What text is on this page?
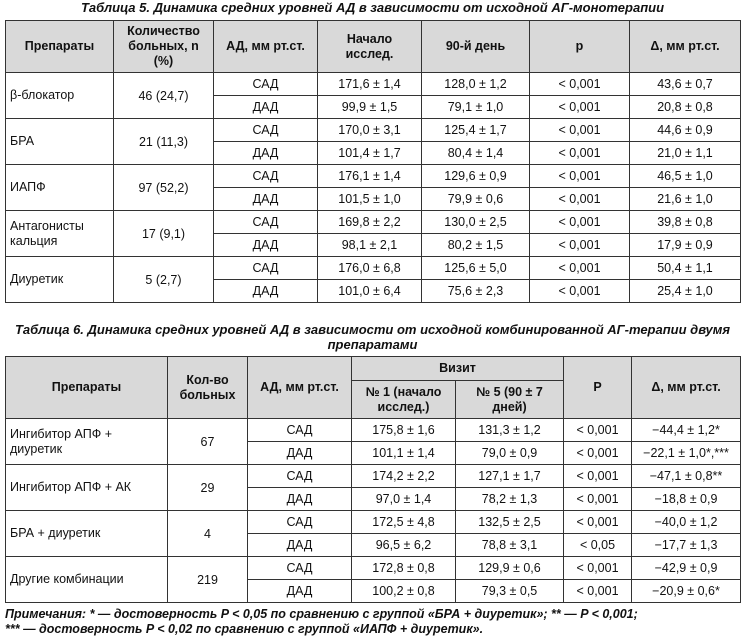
Таблица 5. Динамика средних уровней АД в зависимости от исходной АГ-монотерапии
Препараты	Количество больных, n (%)	АД, мм рт.ст.	Начало исслед.	90-й день	p	Δ, мм рт.ст.
β-блокатор	46 (24,7)	САД	171,6 ± 1,4	128,0 ± 1,2	< 0,001	43,6 ± 0,7
		ДАД	99,9 ± 1,5	79,1 ± 1,0	< 0,001	20,8 ± 0,8
БРА	21 (11,3)	САД	170,0 ± 3,1	125,4 ± 1,7	< 0,001	44,6 ± 0,9
		ДАД	101,4 ± 1,7	80,4 ± 1,4	< 0,001	21,0 ± 1,1
ИАПФ	97 (52,2)	САД	176,1 ± 1,4	129,6 ± 0,9	< 0,001	46,5 ± 1,0
		ДАД	101,5 ± 1,0	79,9 ± 0,6	< 0,001	21,6 ± 1,0
Антагонисты кальция	17 (9,1)	САД	169,8 ± 2,2	130,0 ± 2,5	< 0,001	39,8 ± 0,8
		ДАД	98,1 ± 2,1	80,2 ± 1,5	< 0,001	17,9 ± 0,9
Диуретик	5 (2,7)	САД	176,0 ± 6,8	125,6 ± 5,0	< 0,001	50,4 ± 1,1
		ДАД	101,0 ± 6,4	75,6 ± 2,3	< 0,001	25,4 ± 1,0
Таблица 6. Динамика средних уровней АД в зависимости от исходной комбинированной АГ-терапии двумя препаратами
Препараты	Кол-во больных	АД, мм рт.ст.	Визит		P	Δ, мм рт.ст.
			№ 1 (начало исслед.)	№ 5 (90 ± 7 дней)		
Ингибитор АПФ + диуретик	67	САД	175,8 ± 1,6	131,3 ± 1,2	< 0,001	−44,4 ± 1,2*
		ДАД	101,1 ± 1,4	79,0 ± 0,9	< 0,001	−22,1 ± 1,0*,***
Ингибитор АПФ + АК	29	САД	174,2 ± 2,2	127,1 ± 1,7	< 0,001	−47,1 ± 0,8**
		ДАД	97,0 ± 1,4	78,2 ± 1,3	< 0,001	−18,8 ± 0,9
БРА + диуретик	4	САД	172,5 ± 4,8	132,5 ± 2,5	< 0,001	−40,0 ± 1,2
		ДАД	96,5 ± 6,2	78,8 ± 3,1	< 0,05	−17,7 ± 1,3
Другие комбинации	219	САД	172,8 ± 0,8	129,9 ± 0,6	< 0,001	−42,9 ± 0,9
		ДАД	100,2 ± 0,8	79,3 ± 0,5	< 0,001	−20,9 ± 0,6*
Примечания: * — достоверность P < 0,05 по сравнению с группой «БРА + диуретик»; ** — P < 0,001;
*** — достоверность P < 0,02 по сравнению с группой «ИАПФ + диуретик».
